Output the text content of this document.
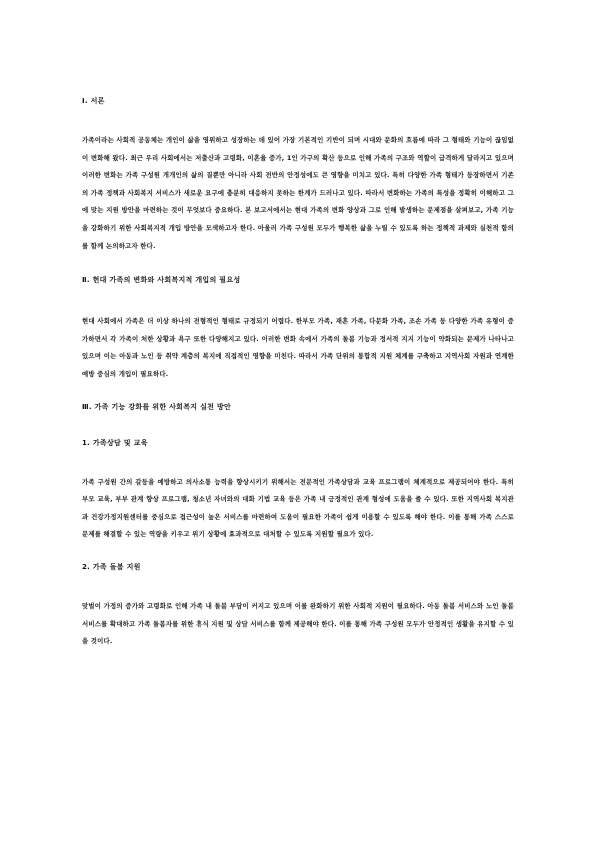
Ⅰ. 서론
가족이라는 사회적 공동체는 개인이 삶을 영위하고 성장하는 데 있어 가장 기본적인 기반이 되며 시대와 문화의 흐름에 따라 그 형태와 기능이 끊임없이 변화해 왔다. 최근 우리 사회에서는 저출산과 고령화, 이혼율 증가, 1인 가구의 확산 등으로 인해 가족의 구조와 역할이 급격하게 달라지고 있으며 이러한 변화는 가족 구성원 개개인의 삶의 질뿐만 아니라 사회 전반의 안정성에도 큰 영향을 미치고 있다. 특히 다양한 가족 형태가 등장하면서 기존의 가족 정책과 사회복지 서비스가 새로운 요구에 충분히 대응하지 못하는 한계가 드러나고 있다. 따라서 변화하는 가족의 특성을 정확히 이해하고 그에 맞는 지원 방안을 마련하는 것이 무엇보다 중요하다. 본 보고서에서는 현대 가족의 변화 양상과 그로 인해 발생하는 문제점을 살펴보고, 가족 기능을 강화하기 위한 사회복지적 개입 방안을 모색하고자 한다. 아울러 가족 구성원 모두가 행복한 삶을 누릴 수 있도록 하는 정책적 과제와 실천적 함의를 함께 논의하고자 한다.
Ⅱ. 현대 가족의 변화와 사회복지적 개입의 필요성
현대 사회에서 가족은 더 이상 하나의 전형적인 형태로 규정되기 어렵다. 한부모 가족, 재혼 가족, 다문화 가족, 조손 가족 등 다양한 가족 유형이 증가하면서 각 가족이 처한 상황과 욕구 또한 다양해지고 있다. 이러한 변화 속에서 가족의 돌봄 기능과 정서적 지지 기능이 약화되는 문제가 나타나고 있으며 이는 아동과 노인 등 취약 계층의 복지에 직접적인 영향을 미친다. 따라서 가족 단위의 통합적 지원 체계를 구축하고 지역사회 자원과 연계한 예방 중심의 개입이 필요하다.
Ⅲ. 가족 기능 강화를 위한 사회복지 실천 방안
1. 가족상담 및 교육
가족 구성원 간의 갈등을 예방하고 의사소통 능력을 향상시키기 위해서는 전문적인 가족상담과 교육 프로그램이 체계적으로 제공되어야 한다. 특히 부모 교육, 부부 관계 향상 프로그램, 청소년 자녀와의 대화 기법 교육 등은 가족 내 긍정적인 관계 형성에 도움을 줄 수 있다. 또한 지역사회 복지관과 건강가정지원센터를 중심으로 접근성이 높은 서비스를 마련하여 도움이 필요한 가족이 쉽게 이용할 수 있도록 해야 한다. 이를 통해 가족 스스로 문제를 해결할 수 있는 역량을 키우고 위기 상황에 효과적으로 대처할 수 있도록 지원할 필요가 있다.
2. 가족 돌봄 지원
맞벌이 가정의 증가와 고령화로 인해 가족 내 돌봄 부담이 커지고 있으며 이를 완화하기 위한 사회적 지원이 필요하다. 아동 돌봄 서비스와 노인 돌봄 서비스를 확대하고 가족 돌봄자를 위한 휴식 지원 및 상담 서비스를 함께 제공해야 한다. 이를 통해 가족 구성원 모두가 안정적인 생활을 유지할 수 있을 것이다.
